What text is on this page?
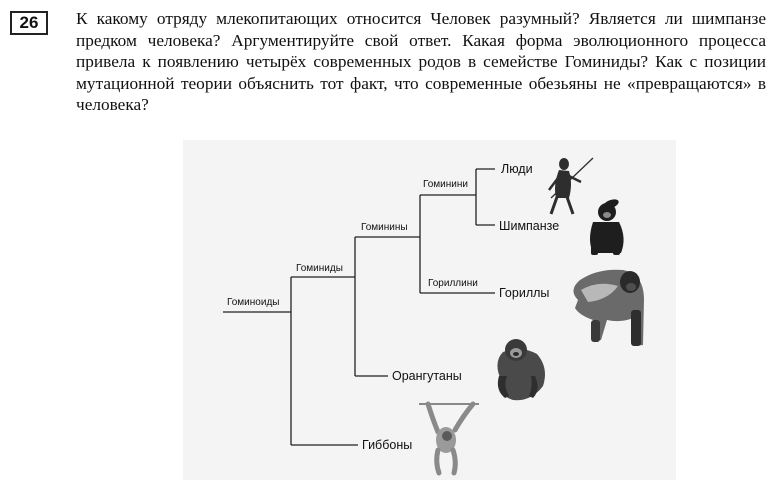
26	К какому отряду млекопитающих относится Человек разумный? Является ли шимпанзе предком человека? Аргументируйте свой ответ. Какая форма эволюционного процесса привела к появлению четырёх современных родов в семействе Гоминиды? Как с позиции мутационной теории объяснить тот факт, что современные обезьяны не «превращаются» в человека?

Гоминоиды
Гоминиды
Гоминины
Гоминини
Гориллини
Люди
Шимпанзе
Гориллы
Орангутаны
Гиббоны
